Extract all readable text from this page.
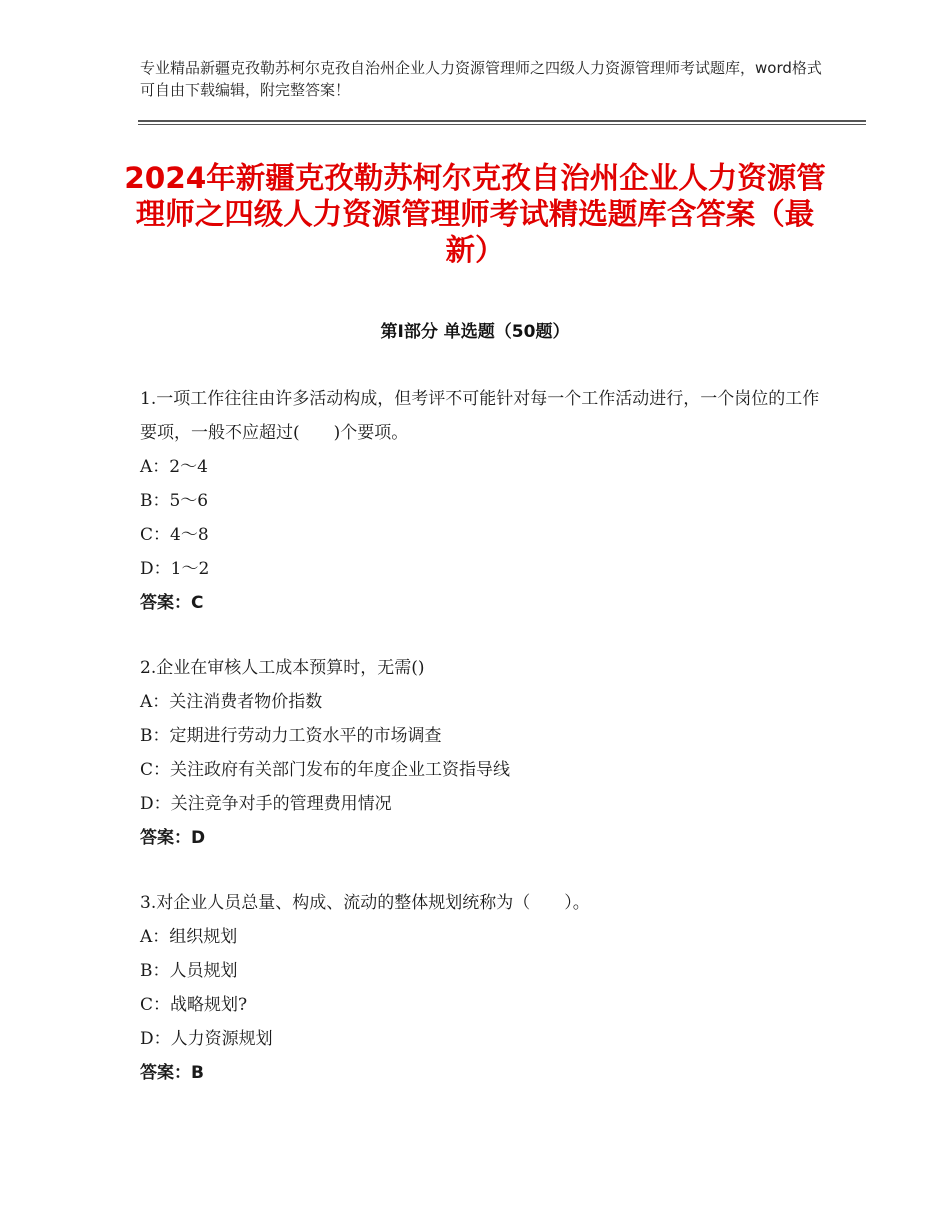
专业精品新疆克孜勒苏柯尔克孜自治州企业人力资源管理师之四级人力资源管理师考试题库，word格式可自由下载编辑，附完整答案！
2024年新疆克孜勒苏柯尔克孜自治州企业人力资源管理师之四级人力资源管理师考试精选题库含答案（最新）
第Ⅰ部分 单选题（50题）
1.一项工作往往由许多活动构成，但考评不可能针对每一个工作活动进行，一个岗位的工作要项，一般不应超过(　　)个要项。
A：2～4
B：5～6
C：4～8
D：1～2
答案：C
2.企业在审核人工成本预算时，无需()
A：关注消费者物价指数
B：定期进行劳动力工资水平的市场调查
C：关注政府有关部门发布的年度企业工资指导线
D：关注竞争对手的管理费用情况
答案：D
3.对企业人员总量、构成、流动的整体规划统称为（　　）。
A：组织规划
B：人员规划
C：战略规划?
D：人力资源规划
答案：B
